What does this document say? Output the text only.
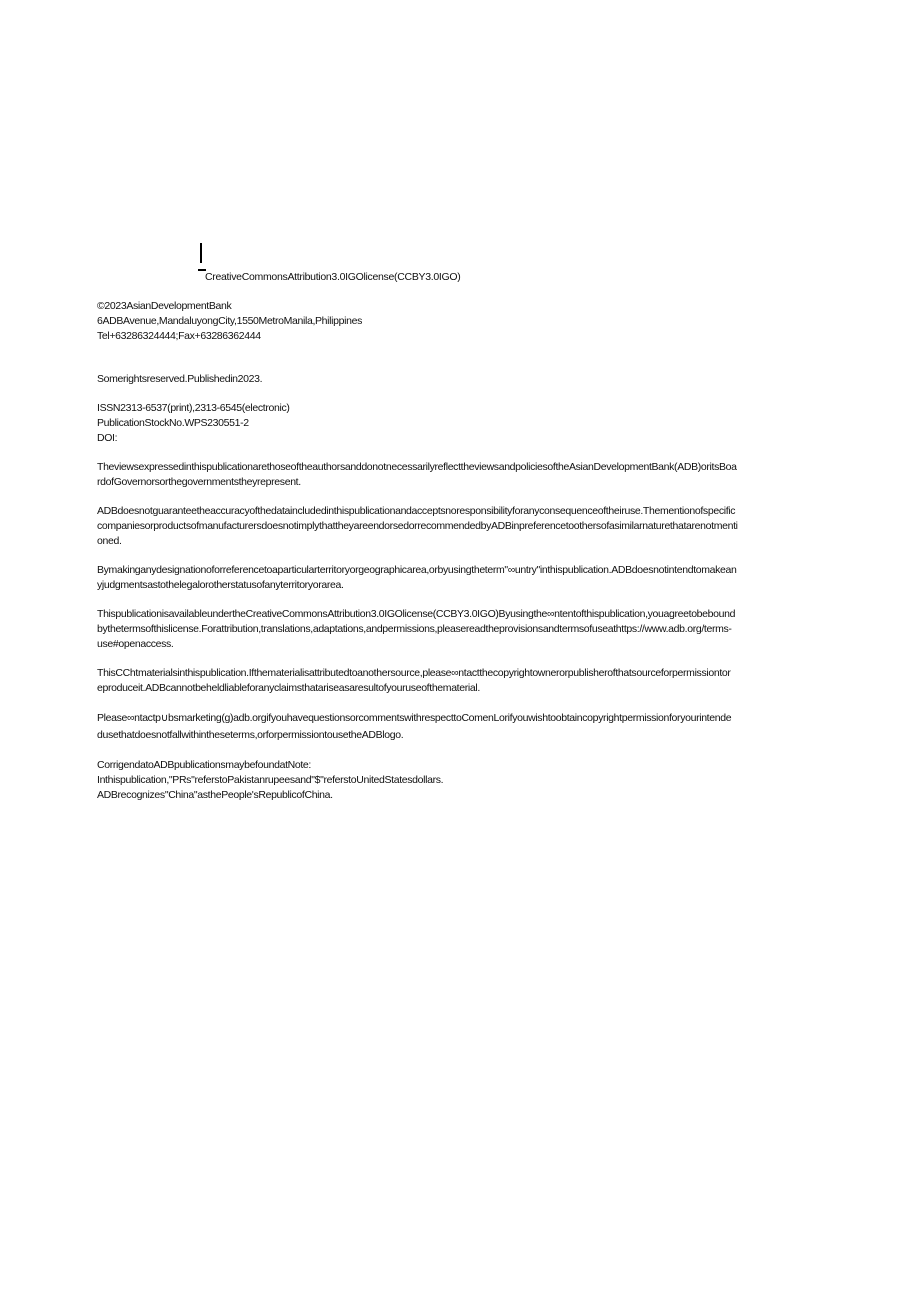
CreativeCommonsAttribution3.0IGOlicense(CCBY3.0IGO)

©2023AsianDevelopmentBank
6ADBAvenue,MandaluyongCity,1550MetroManila,Philippines
Tel+63286324444;Fax+63286362444

Somerightsreserved.Publishedin2023.

ISSN2313-6537(print),2313-6545(electronic)
PublicationStockNo.WPS230551-2
DOI:

TheviewsexpressedinthispublicationarethoseoftheauthorsanddonotnecessarilyreflecttheviewsandpoliciesoftheAsianDevelopmentBank(ADB)oritsBoa
rdofGovernorsorthegovernmentstheyrepresent.

ADBdoesnotguaranteetheaccuracyofthedataincludedinthispublicationandacceptsnoresponsibilityforanyconsequenceoftheiruse.Thementionofspecific
companiesorproductsofmanufacturersdoesnotimplythattheyareendorsedorrecommendedbyADBinpreferencetoothersofasimilarnaturethatarenotmenti
oned.

Bymakinganydesignationoforreferencetoaparticularterritoryorgeographicarea,orbyusingtheterm"∞untry"inthispublication.ADBdoesnotintendtomakean
yjudgmentsastothelegalorotherstatusofanyterritoryorarea.

ThispublicationisavailableundertheCreativeCommonsAttribution3.0IGOlicense(CCBY3.0IGO)Byusingthe∞ntentofthispublication,youagreetobebound
bythetermsofthislicense.Forattribution,translations,adaptations,andpermissions,pleasereadtheprovisionsandtermsofuseathttps://www.adb.org/terms-
use#openaccess.

ThisCChtmaterialsinthispublication.Ifthematerialisattributedtoanothersource,please∞ntactthecopyrightownerorpublisherofthatsourceforpermissiontor
eproduceit.ADBcannotbeheldliableforanyclaimsthatariseasaresultofyouruseofthematerial.

Please∞ntactp∪bsmarketing(g)adb.orgifyouhavequestionsorcommentswithrespecttoComenLorifyouwishtoobtaincopyrightpermissionforyourintende
dusethatdoesnotfallwithintheseterms,orforpermissiontousetheADBlogo.

CorrigendatoADBpublicationsmaybefoundatNote:
Inthispublication,"PRs"referstoPakistanrupeesand"$"referstoUnitedStatesdollars.
ADBrecognizes"China"asthePeople'sRepublicofChina.
